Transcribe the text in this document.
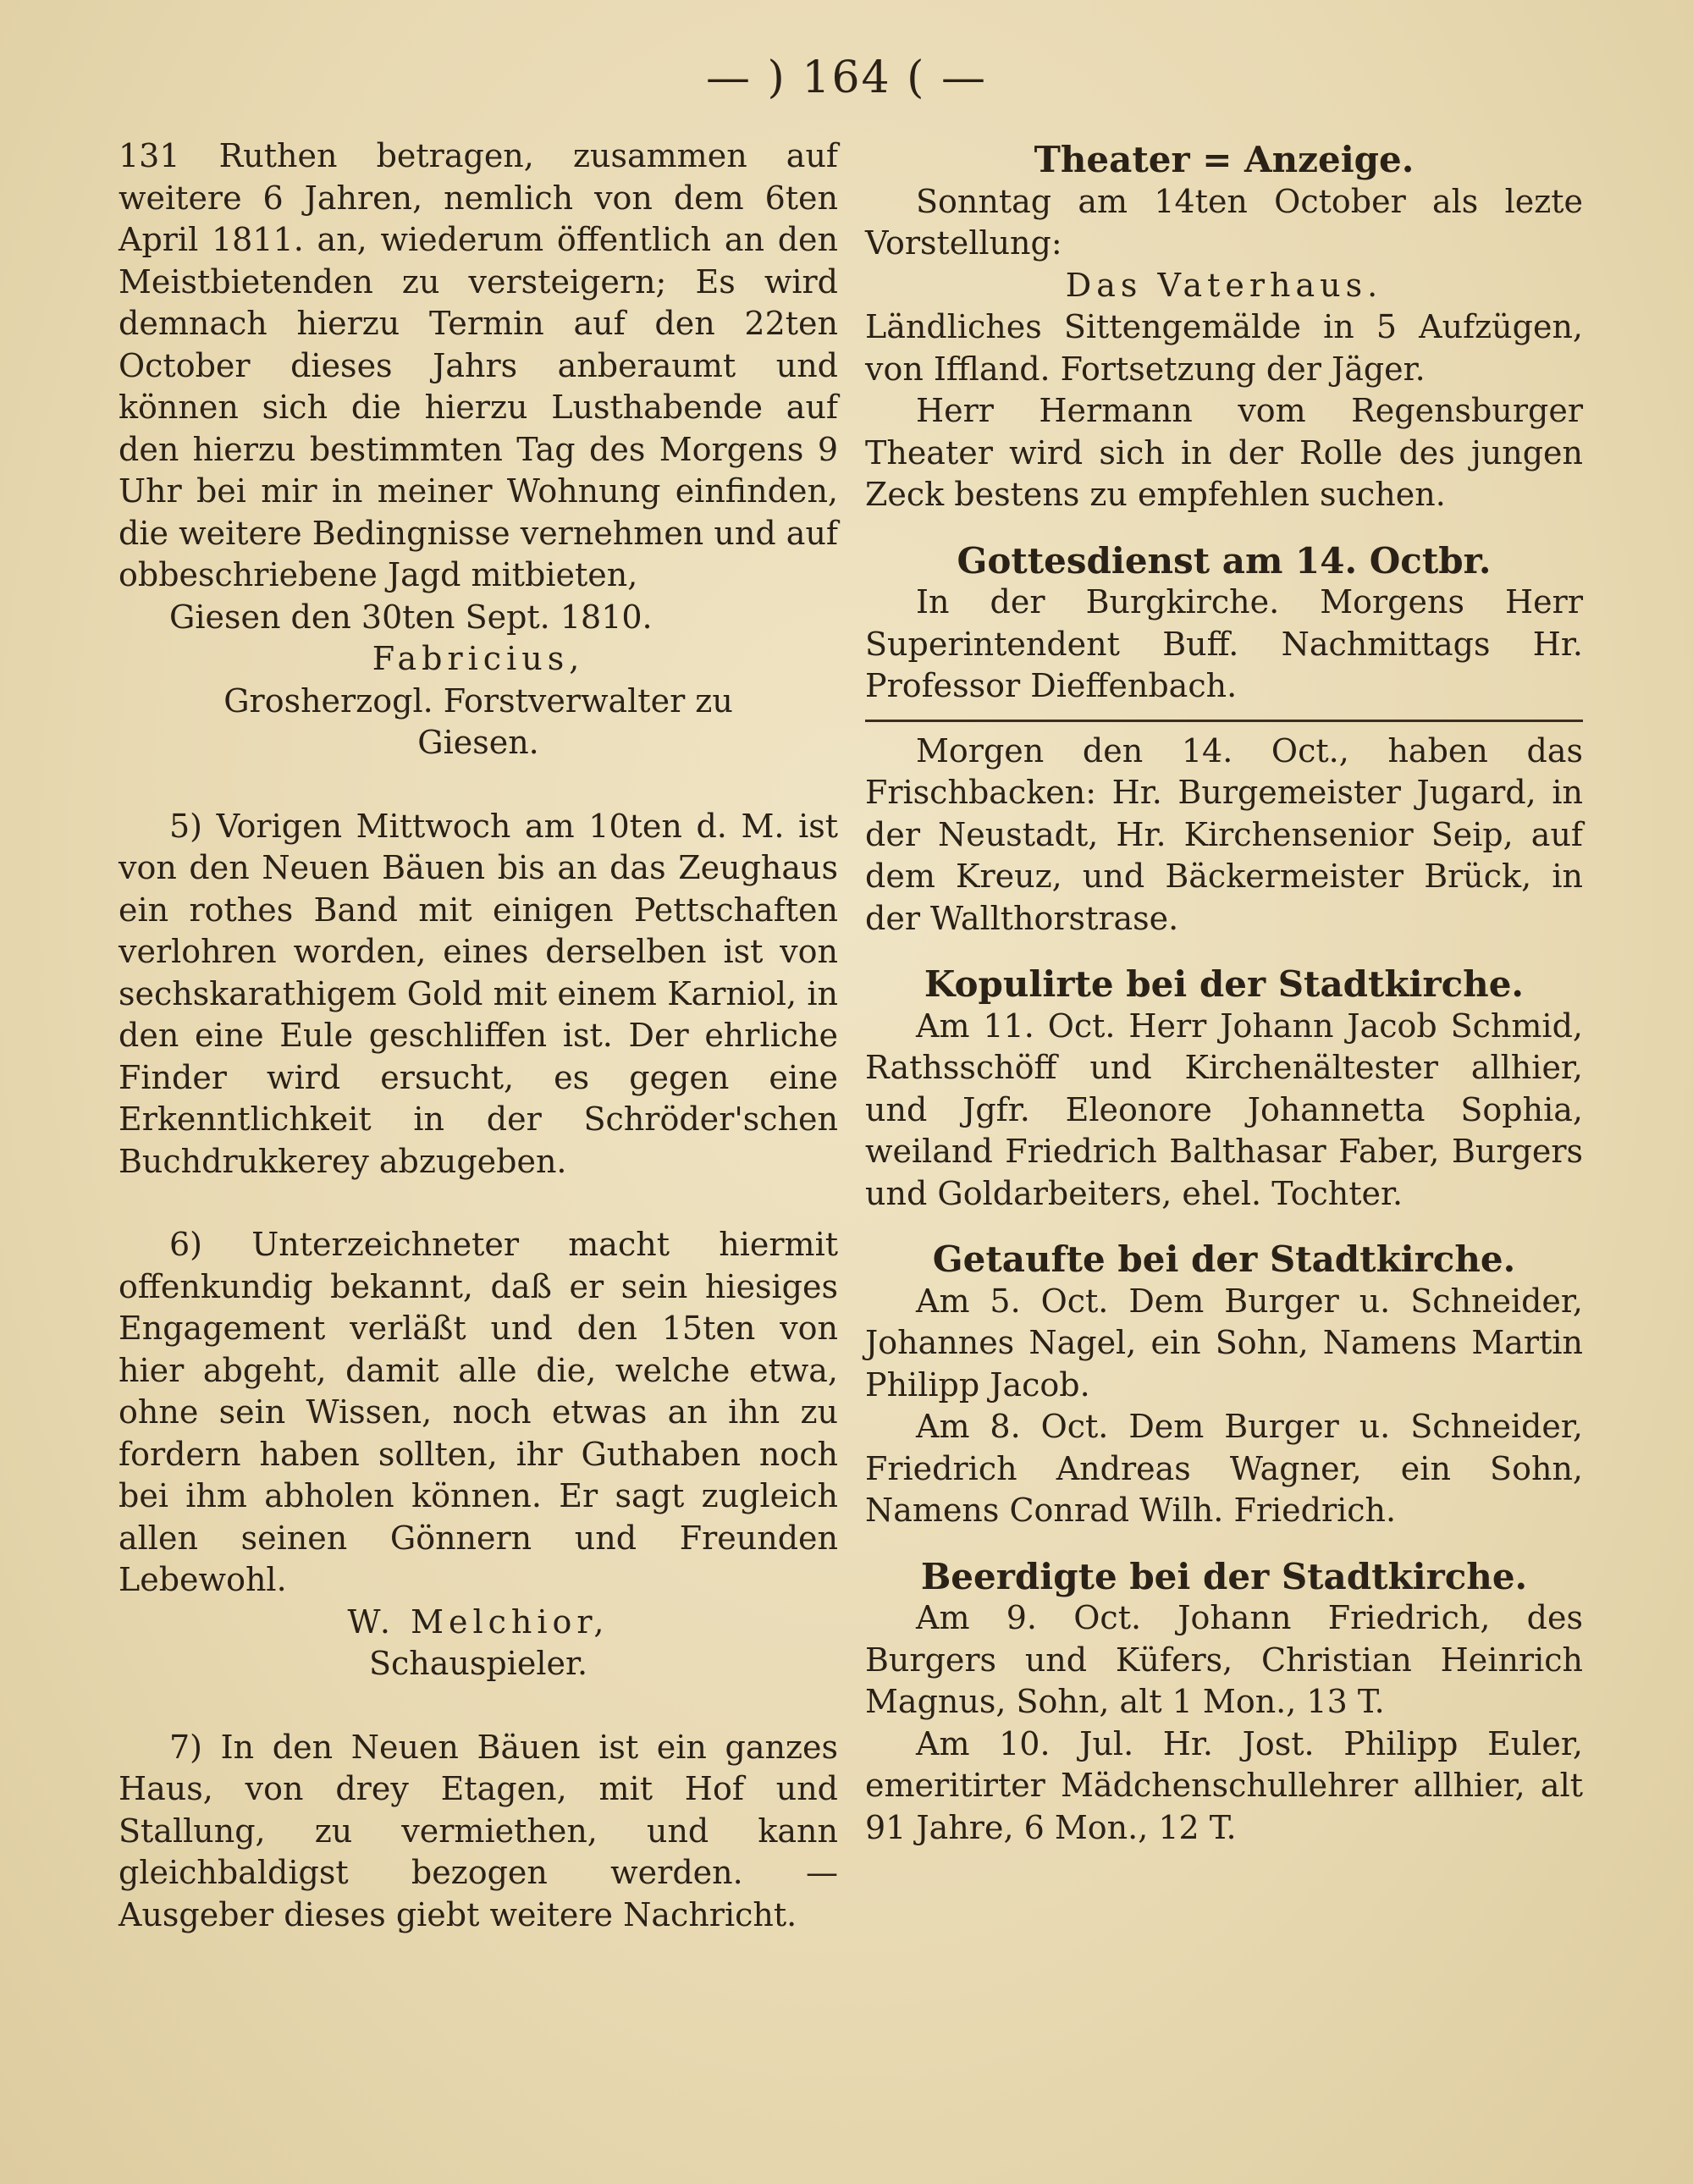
— ) 164 ( —

131 Ruthen betragen, zusammen auf weitere 6 Jahren, nemlich von dem 6ten April 1811. an, wiederum öffentlich an den Meistbietenden zu versteigern; Es wird demnach hierzu Termin auf den 22ten October dieses Jahrs anberaumt und können sich die hierzu Lusthabende auf den hierzu bestimmten Tag des Morgens 9 Uhr bei mir in meiner Wohnung einfinden, die weitere Bedingnisse vernehmen und auf obbeschriebene Jagd mitbieten,

Giesen den 30ten Sept. 1810.

Fabricius,

Grosherzogl. Forstverwalter zu

Giesen.

5) Vorigen Mittwoch am 10ten d. M. ist von den Neuen Bäuen bis an das Zeughaus ein rothes Band mit einigen Pettschaften verlohren worden, eines derselben ist von sechskarathigem Gold mit einem Karniol, in den eine Eule geschliffen ist. Der ehrliche Finder wird ersucht, es gegen eine Erkenntlichkeit in der Schröder'schen Buchdrukkerey abzugeben.

6) Unterzeichneter macht hiermit offenkundig bekannt, daß er sein hiesiges Engagement verläßt und den 15ten von hier abgeht, damit alle die, welche etwa, ohne sein Wissen, noch etwas an ihn zu fordern haben sollten, ihr Guthaben noch bei ihm abholen können. Er sagt zugleich allen seinen Gönnern und Freunden Lebewohl.

W. Melchior,

Schauspieler.

7) In den Neuen Bäuen ist ein ganzes Haus, von drey Etagen, mit Hof und Stallung, zu vermiethen, und kann gleichbaldigst bezogen werden. — Ausgeber dieses giebt weitere Nachricht.

Theater = Anzeige.

Sonntag am 14ten October als lezte Vorstellung:

Das Vaterhaus.

Ländliches Sittengemälde in 5 Aufzügen, von Iffland. Fortsetzung der Jäger.

Herr Hermann vom Regensburger Theater wird sich in der Rolle des jungen Zeck bestens zu empfehlen suchen.

Gottesdienst am 14. Octbr.

In der Burgkirche. Morgens Herr Superintendent Buff. Nachmittags Hr. Professor Dieffenbach.

Morgen den 14. Oct., haben das Frischbacken: Hr. Burgemeister Jugard, in der Neustadt, Hr. Kirchensenior Seip, auf dem Kreuz, und Bäckermeister Brück, in der Wallthorstrase.

Kopulirte bei der Stadtkirche.

Am 11. Oct. Herr Johann Jacob Schmid, Rathsschöff und Kirchenältester allhier, und Jgfr. Eleonore Johannetta Sophia, weiland Friedrich Balthasar Faber, Burgers und Goldarbeiters, ehel. Tochter.

Getaufte bei der Stadtkirche.

Am 5. Oct. Dem Burger u. Schneider, Johannes Nagel, ein Sohn, Namens Martin Philipp Jacob.

Am 8. Oct. Dem Burger u. Schneider, Friedrich Andreas Wagner, ein Sohn, Namens Conrad Wilh. Friedrich.

Beerdigte bei der Stadtkirche.

Am 9. Oct. Johann Friedrich, des Burgers und Küfers, Christian Heinrich Magnus, Sohn, alt 1 Mon., 13 T.

Am 10. Jul. Hr. Jost. Philipp Euler, emeritirter Mädchenschullehrer allhier, alt 91 Jahre, 6 Mon., 12 T.
